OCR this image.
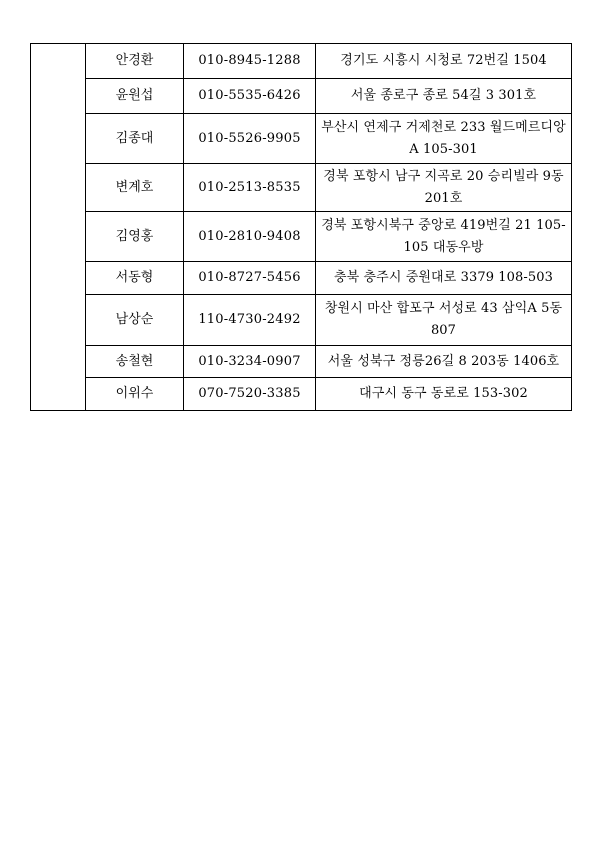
	안경환	010-8945-1288	경기도 시흥시 시청로 72번길 1504
	윤원섭	010-5535-6426	서울 종로구 종로 54길 3 301호
	김종대	010-5526-9905	부산시 연제구 거제천로 233 월드메르디앙A 105-301
	변계호	010-2513-8535	경북 포항시 남구 지곡로 20 승리빌라 9동 201호
	김영홍	010-2810-9408	경북 포항시북구 중앙로 419번길 21 105-105 대동우방
	서동형	010-8727-5456	충북 충주시 중원대로 3379 108-503
	남상순	110-4730-2492	창원시 마산 합포구 서성로 43 삼익A 5동 807
	송철현	010-3234-0907	서울 성북구 정릉26길 8 203동 1406호
	이위수	070-7520-3385	대구시 동구 동로로 153-302
